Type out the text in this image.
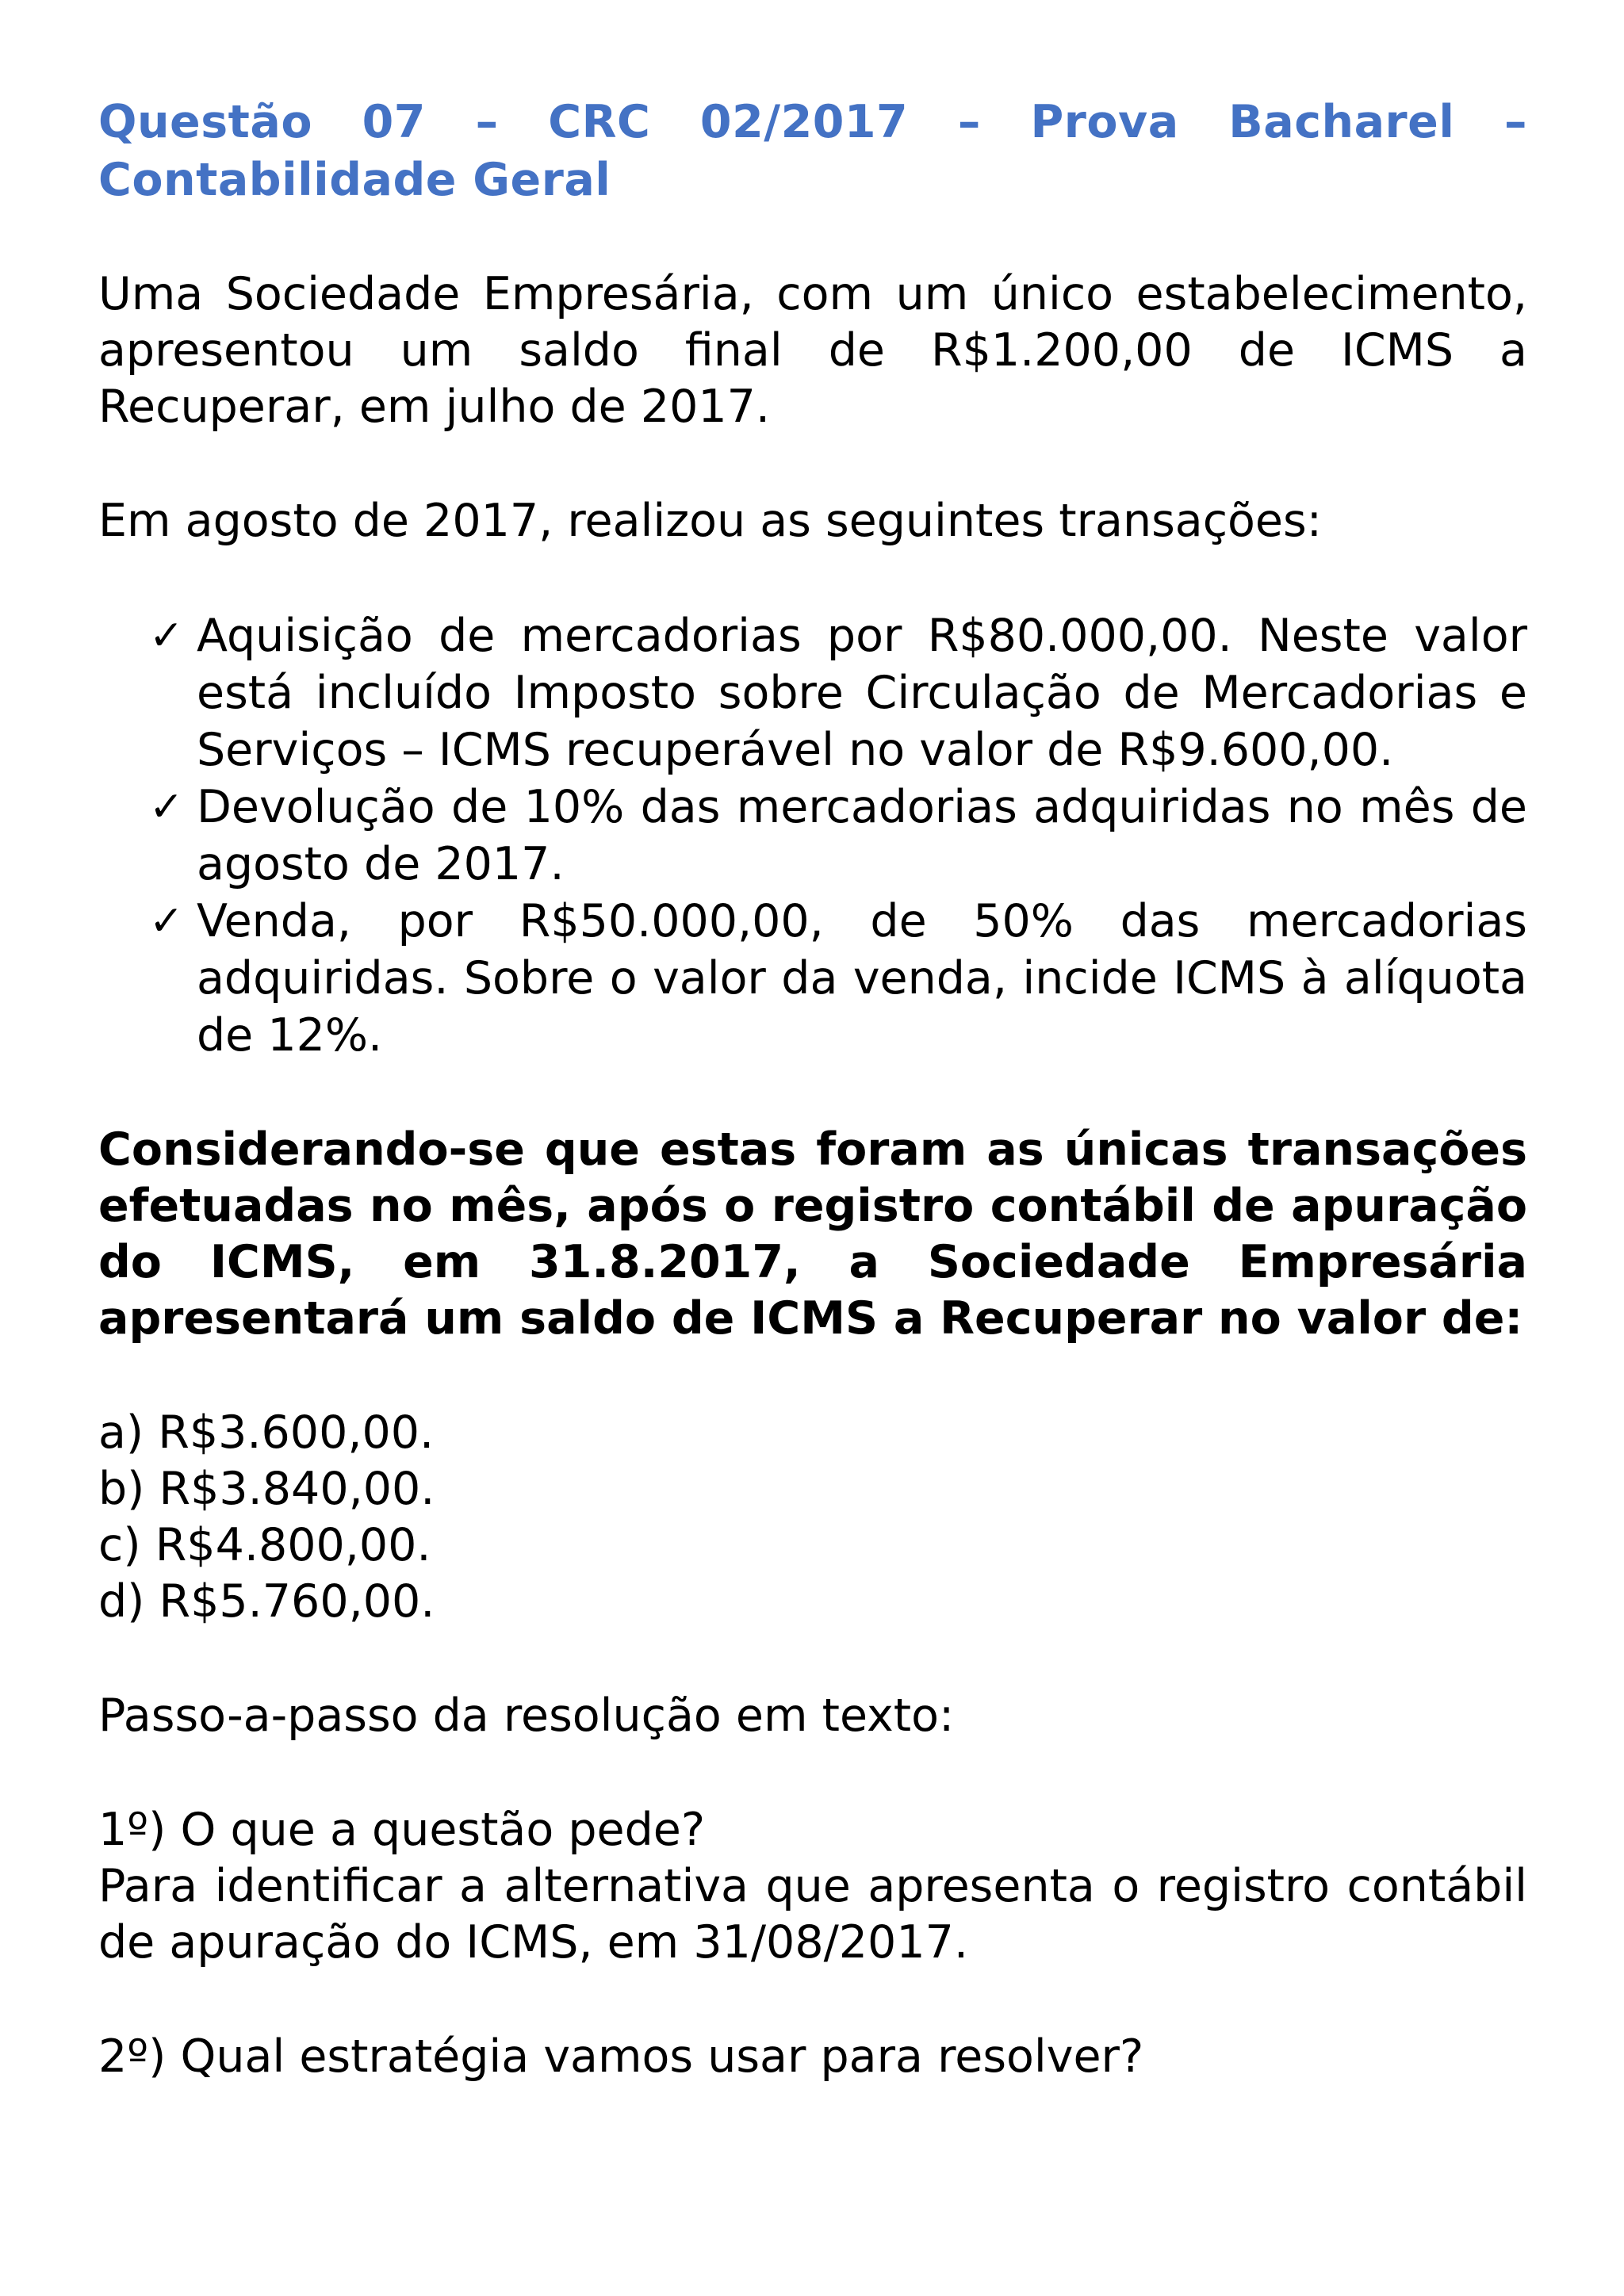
Questão 07 – CRC 02/2017 – Prova Bacharel – Contabilidade Geral

Uma Sociedade Empresária, com um único estabelecimento, apresentou um saldo final de R$1.200,00 de ICMS a Recuperar, em julho de 2017.

Em agosto de 2017, realizou as seguintes transações:

✓ Aquisição de mercadorias por R$80.000,00. Neste valor está incluído Imposto sobre Circulação de Mercadorias e Serviços – ICMS recuperável no valor de R$9.600,00.
✓ Devolução de 10% das mercadorias adquiridas no mês de agosto de 2017.
✓ Venda, por R$50.000,00, de 50% das mercadorias adquiridas. Sobre o valor da venda, incide ICMS à alíquota de 12%.

Considerando-se que estas foram as únicas transações efetuadas no mês, após o registro contábil de apuração do ICMS, em 31.8.2017, a Sociedade Empresária apresentará um saldo de ICMS a Recuperar no valor de:

a) R$3.600,00.
b) R$3.840,00.
c) R$4.800,00.
d) R$5.760,00.

Passo-a-passo da resolução em texto:

1º) O que a questão pede?

Para identificar a alternativa que apresenta o registro contábil de apuração do ICMS, em 31/08/2017.

2º) Qual estratégia vamos usar para resolver?
